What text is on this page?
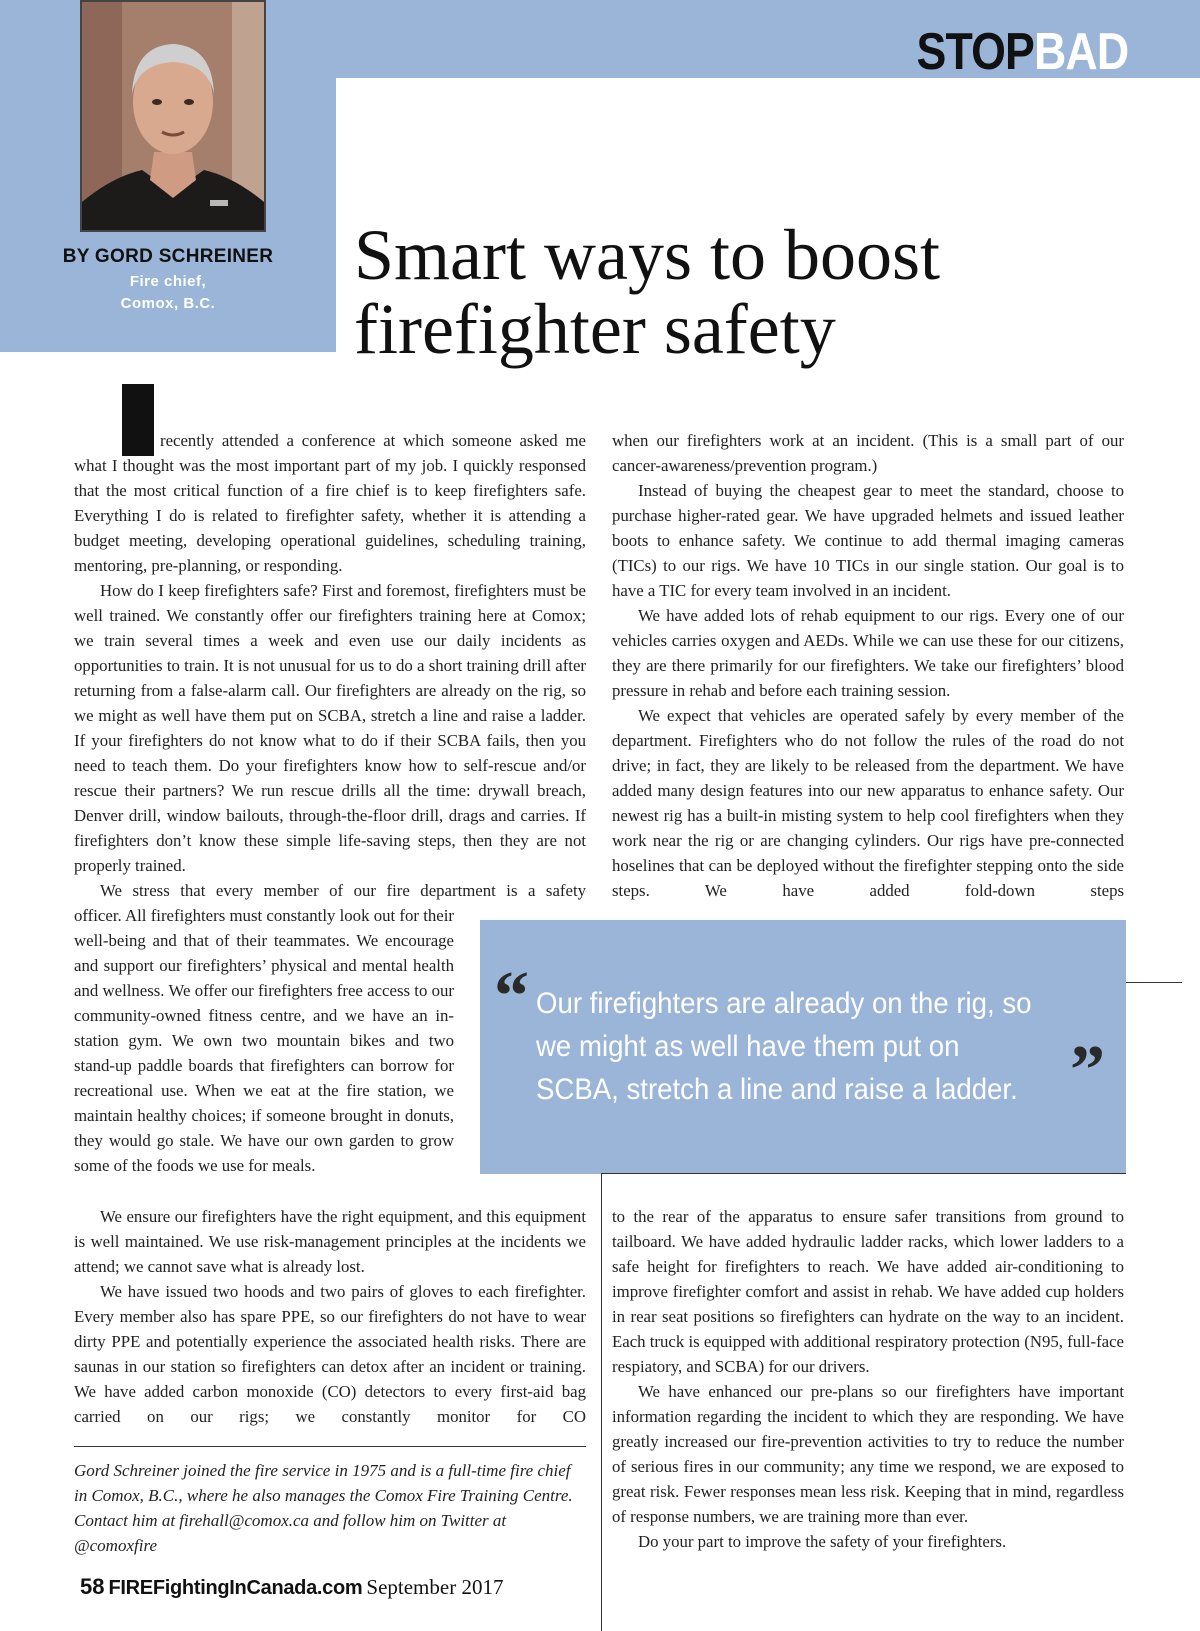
STOPBAD
BY GORD SCHREINER
Fire chief,
Comox, B.C.
Smart ways to boost
firefighter safety

recently attended a conference at which someone asked me what I thought was the most important part of my job. I quickly responsed that the most critical function of a fire chief is to keep firefighters safe. Everything I do is related to firefighter safety, whether it is attending a budget meeting, developing operational guidelines, scheduling training, mentoring, pre-planning, or responding.

How do I keep firefighters safe? First and foremost, firefighters must be well trained. We constantly offer our firefighters training here at Comox; we train several times a week and even use our daily incidents as opportunities to train. It is not unusual for us to do a short training drill after returning from a false-alarm call. Our firefighters are already on the rig, so we might as well have them put on SCBA, stretch a line and raise a ladder. If your firefighters do not know what to do if their SCBA fails, then you need to teach them. Do your firefighters know how to self-rescue and/or rescue their partners? We run rescue drills all the time: drywall breach, Denver drill, window bailouts, through-the-floor drill, drags and carries. If firefighters don’t know these simple life-saving steps, then they are not properly trained.

We stress that every member of our fire department is a safety

officer. All firefighters must constantly look out for their well-being and that of their teammates. We encourage and support our firefighters’ physical and mental health and wellness. We offer our firefighters free access to our community-owned fitness centre, and we have an in- station gym. We own two mountain bikes and two stand-up paddle boards that firefighters can borrow for recreational use. When we eat at the fire station, we maintain healthy choices; if someone brought in donuts, they would go stale. We have our own garden to grow some of the foods we use for meals.

We ensure our firefighters have the right equipment, and this equipment is well maintained. We use risk-management principles at the incidents we attend; we cannot save what is already lost.

We have issued two hoods and two pairs of gloves to each firefighter. Every member also has spare PPE, so our firefighters do not have to wear dirty PPE and potentially experience the associated health risks. There are saunas in our station so firefighters can detox after an incident or training. We have added carbon monoxide (CO) detectors to every first-aid bag carried on our rigs; we constantly monitor for CO

when our firefighters work at an incident. (This is a small part of our cancer-awareness/prevention program.)

Instead of buying the cheapest gear to meet the standard, choose to purchase higher-rated gear. We have upgraded helmets and issued leather boots to enhance safety. We continue to add thermal imaging cameras (TICs) to our rigs. We have 10 TICs in our single station. Our goal is to have a TIC for every team involved in an incident.

We have added lots of rehab equipment to our rigs. Every one of our vehicles carries oxygen and AEDs. While we can use these for our citizens, they are there primarily for our firefighters. We take our firefighters’ blood pressure in rehab and before each training session.

We expect that vehicles are operated safely by every member of the department. Firefighters who do not follow the rules of the road do not drive; in fact, they are likely to be released from the department. We have added many design features into our new apparatus to enhance safety. Our newest rig has a built-in misting system to help cool firefighters when they work near the rig or are changing cylinders. Our rigs have pre-connected hoselines that can be deployed without the firefighter stepping onto the side steps. We have added fold-down steps

“ Our firefighters are already on the rig, so we might as well have them put on SCBA, stretch a line and raise a ladder. ”

to the rear of the apparatus to ensure safer transitions from ground to tailboard. We have added hydraulic ladder racks, which lower ladders to a safe height for firefighters to reach. We have added air-conditioning to improve firefighter comfort and assist in rehab. We have added cup holders in rear seat positions so firefighters can hydrate on the way to an incident. Each truck is equipped with additional respiratory protection (N95, full-face respiatory, and SCBA) for our drivers.

We have enhanced our pre-plans so our firefighters have important information regarding the incident to which they are responding. We have greatly increased our fire-prevention activities to try to reduce the number of serious fires in our community; any time we respond, we are exposed to great risk. Fewer responses mean less risk. Keeping that in mind, regardless of response numbers, we are training more than ever.

Do your part to improve the safety of your firefighters.

Gord Schreiner joined the fire service in 1975 and is a full-time fire chief in Comox, B.C., where he also manages the Comox Fire Training Centre. Contact him at firehall@comox.ca and follow him on Twitter at @comoxfire

58 FIREFightingInCanada.com September 2017
